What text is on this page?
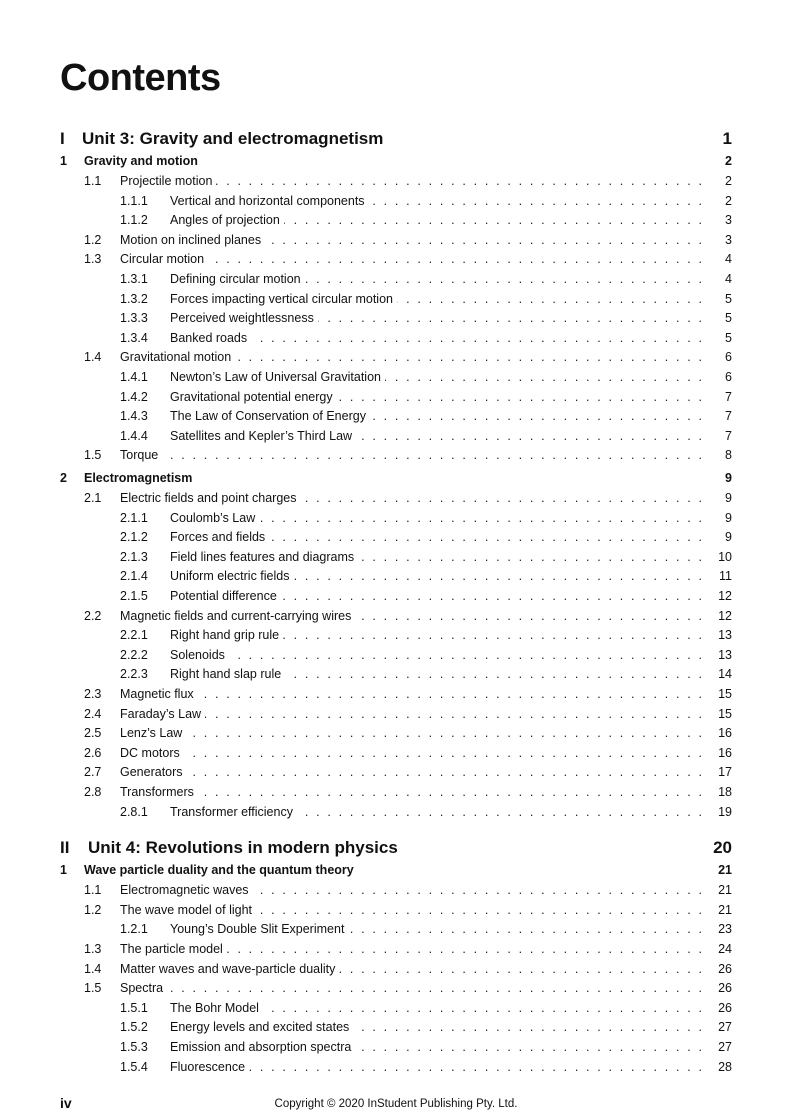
Contents
I Unit 3: Gravity and electromagnetism	1
1 Gravity and motion	2
. . .
1.1 Projectile motion	2
. . .
1.1.1 Vertical and horizontal components	2
. . .
1.1.2 Angles of projection	3
. . .
1.2 Motion on inclined planes	3
. . .
1.3 Circular motion	4
. . .
1.3.1 Defining circular motion	4
. . .
1.3.2 Forces impacting vertical circular motion	5
. . .
1.3.3 Perceived weightlessness	5
. . .
1.3.4 Banked roads	5
. . .
1.4 Gravitational motion	6
. . .
1.4.1 Newton’s Law of Universal Gravitation	6
. . .
1.4.2 Gravitational potential energy	7
. . .
1.4.3 The Law of Conservation of Energy	7
. . .
1.4.4 Satellites and Kepler’s Third Law	7
. . .
1.5 Torque	8
2 Electromagnetism	9
. . .
2.1 Electric fields and point charges	9
. . .
2.1.1 Coulomb’s Law	9
. . .
2.1.2 Forces and fields	9
. . .
2.1.3 Field lines features and diagrams	10
. . .
2.1.4 Uniform electric fields	11
. . .
2.1.5 Potential difference	12
. . .
2.2 Magnetic fields and current-carrying wires	12
. . .
2.2.1 Right hand grip rule	13
. . .
2.2.2 Solenoids	13
. . .
2.2.3 Right hand slap rule	14
. . .
2.3 Magnetic flux	15
. . .
2.4 Faraday’s Law	15
. . .
2.5 Lenz’s Law	16
. . .
2.6 DC motors	16
. . .
2.7 Generators	17
. . .
2.8 Transformers	18
. . .
2.8.1 Transformer efficiency	19
II Unit 4: Revolutions in modern physics	20
1 Wave particle duality and the quantum theory	21
. . .
1.1 Electromagnetic waves	21
. . .
1.2 The wave model of light	21
. . .
1.2.1 Young’s Double Slit Experiment	23
. . .
1.3 The particle model	24
. . .
1.4 Matter waves and wave-particle duality	26
. . .
1.5 Spectra	26
. . .
1.5.1 The Bohr Model	26
. . .
1.5.2 Energy levels and excited states	27
. . .
1.5.3 Emission and absorption spectra	27
. . .
1.5.4 Fluorescence	28
iv	Copyright © 2020 InStudent Publishing Pty. Ltd.
